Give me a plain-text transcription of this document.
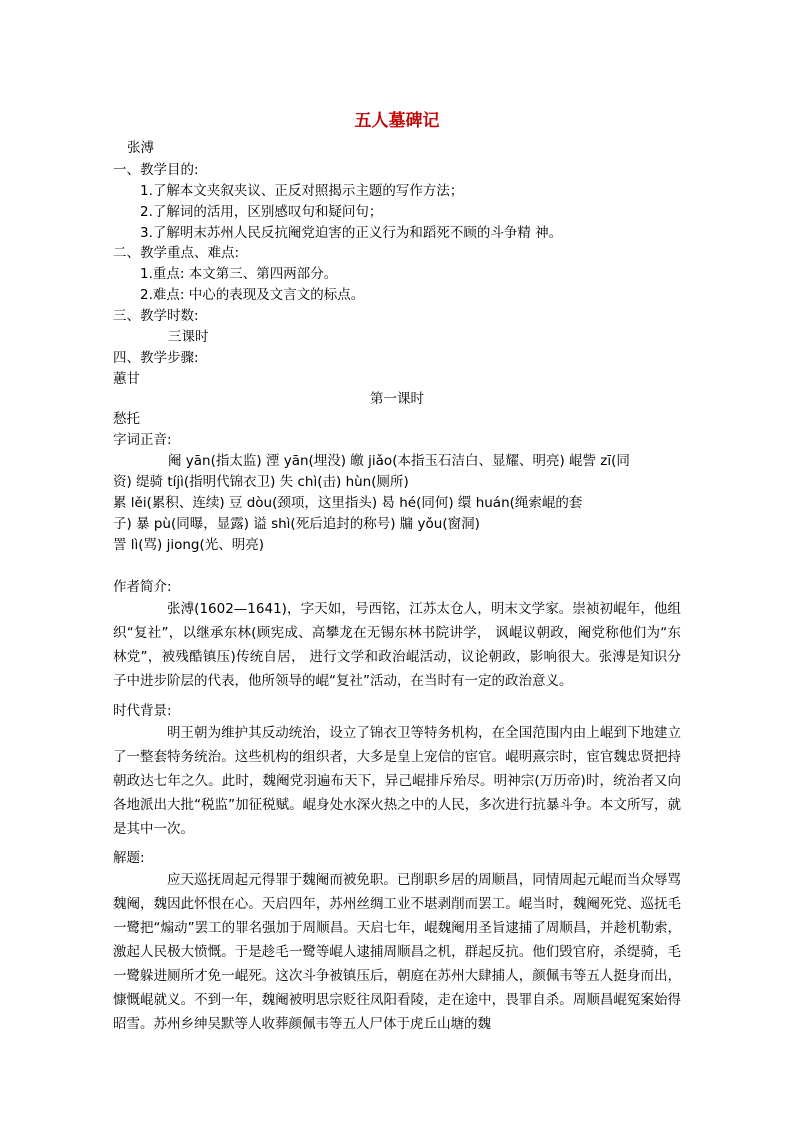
五人墓碑记
张溥
一、教学目的:
1.了解本文夹叙夹议、正反对照揭示主题的写作方法；
2.了解词的活用，区别感叹句和疑问句；
3.了解明末苏州人民反抗阉党迫害的正义行为和蹈死不顾的斗争精 神。
二、教学重点、难点:
1.重点: 本文第三、第四两部分。
2.难点: 中心的表现及文言文的标点。
三、教学时数:
三课时
四、教学步骤:
蕙甘
第一课时
愁托
字词正音:
阉 yān(指太监) 湮 yān(埋没) 皦 jiǎo(本指玉石洁白、显耀、明亮) 崐訾 zī(同
资) 缇骑 tíjì(指明代锦衣卫) 失 chì(击) hùn(厕所)
累 lěi(累积、连续) 豆 dòu(颈项，这里指头) 曷 hé(同何) 缳 huán(绳索崐的套
子) 暴 pù(同曝，显露) 谥 shì(死后追封的称号) 牖 yǒu(窗洞)
詈 lì(骂) jiong(光、明亮)
作者简介:
张溥(1602—1641)，字天如，号西铭，江苏太仓人，明末文学家。崇祯初崐年，他组织“复社”，以继承东林(顾宪成、高攀龙在无锡东林书院讲学， 讽崐议朝政，阉党称他们为“东林党”，被残酷镇压)传统自居， 进行文学和政治崐活动，议论朝政，影响很大。张溥是知识分子中进步阶层的代表，他所领导的崐“复社”活动，在当时有一定的政治意义。
时代背景:
明王朝为维护其反动统治，设立了锦衣卫等特务机构，在全国范围内由上崐到下地建立了一整套特务统治。这些机构的组织者，大多是皇上宠信的宦官。崐明熹宗时，宦官魏忠贤把持朝政达七年之久。此时，魏阉党羽遍布天下，异己崐排斥殆尽。明神宗(万历帝)时，统治者又向各地派出大批“税监”加征税赋。崐身处水深火热之中的人民，多次进行抗暴斗争。本文所写，就是其中一次。
解题:
应天巡抚周起元得罪于魏阉而被免职。已削职乡居的周顺昌，同情周起元崐而当众辱骂魏阉，魏因此怀恨在心。天启四年，苏州丝绸工业不堪剥削而罢工。崐当时，魏阉死党、巡抚毛一鹭把“煽动”罢工的罪名强加于周顺昌。天启七年，崐魏阉用圣旨逮捕了周顺昌，并趁机勒索，激起人民极大愤慨。于是趁毛一鹭等崐人逮捕周顺昌之机，群起反抗。他们毁官府，杀缇骑，毛一鹭躲进厕所才免一崐死。这次斗争被镇压后，朝庭在苏州大肆捕人，颜佩韦等五人挺身而出，慷慨崐就义。不到一年，魏阉被明思宗贬往凤阳看陵，走在途中，畏罪自杀。周顺昌崐冤案始得昭雪。苏州乡绅吴默等人收葬颜佩韦等五人尸体于虎丘山塘的魏
